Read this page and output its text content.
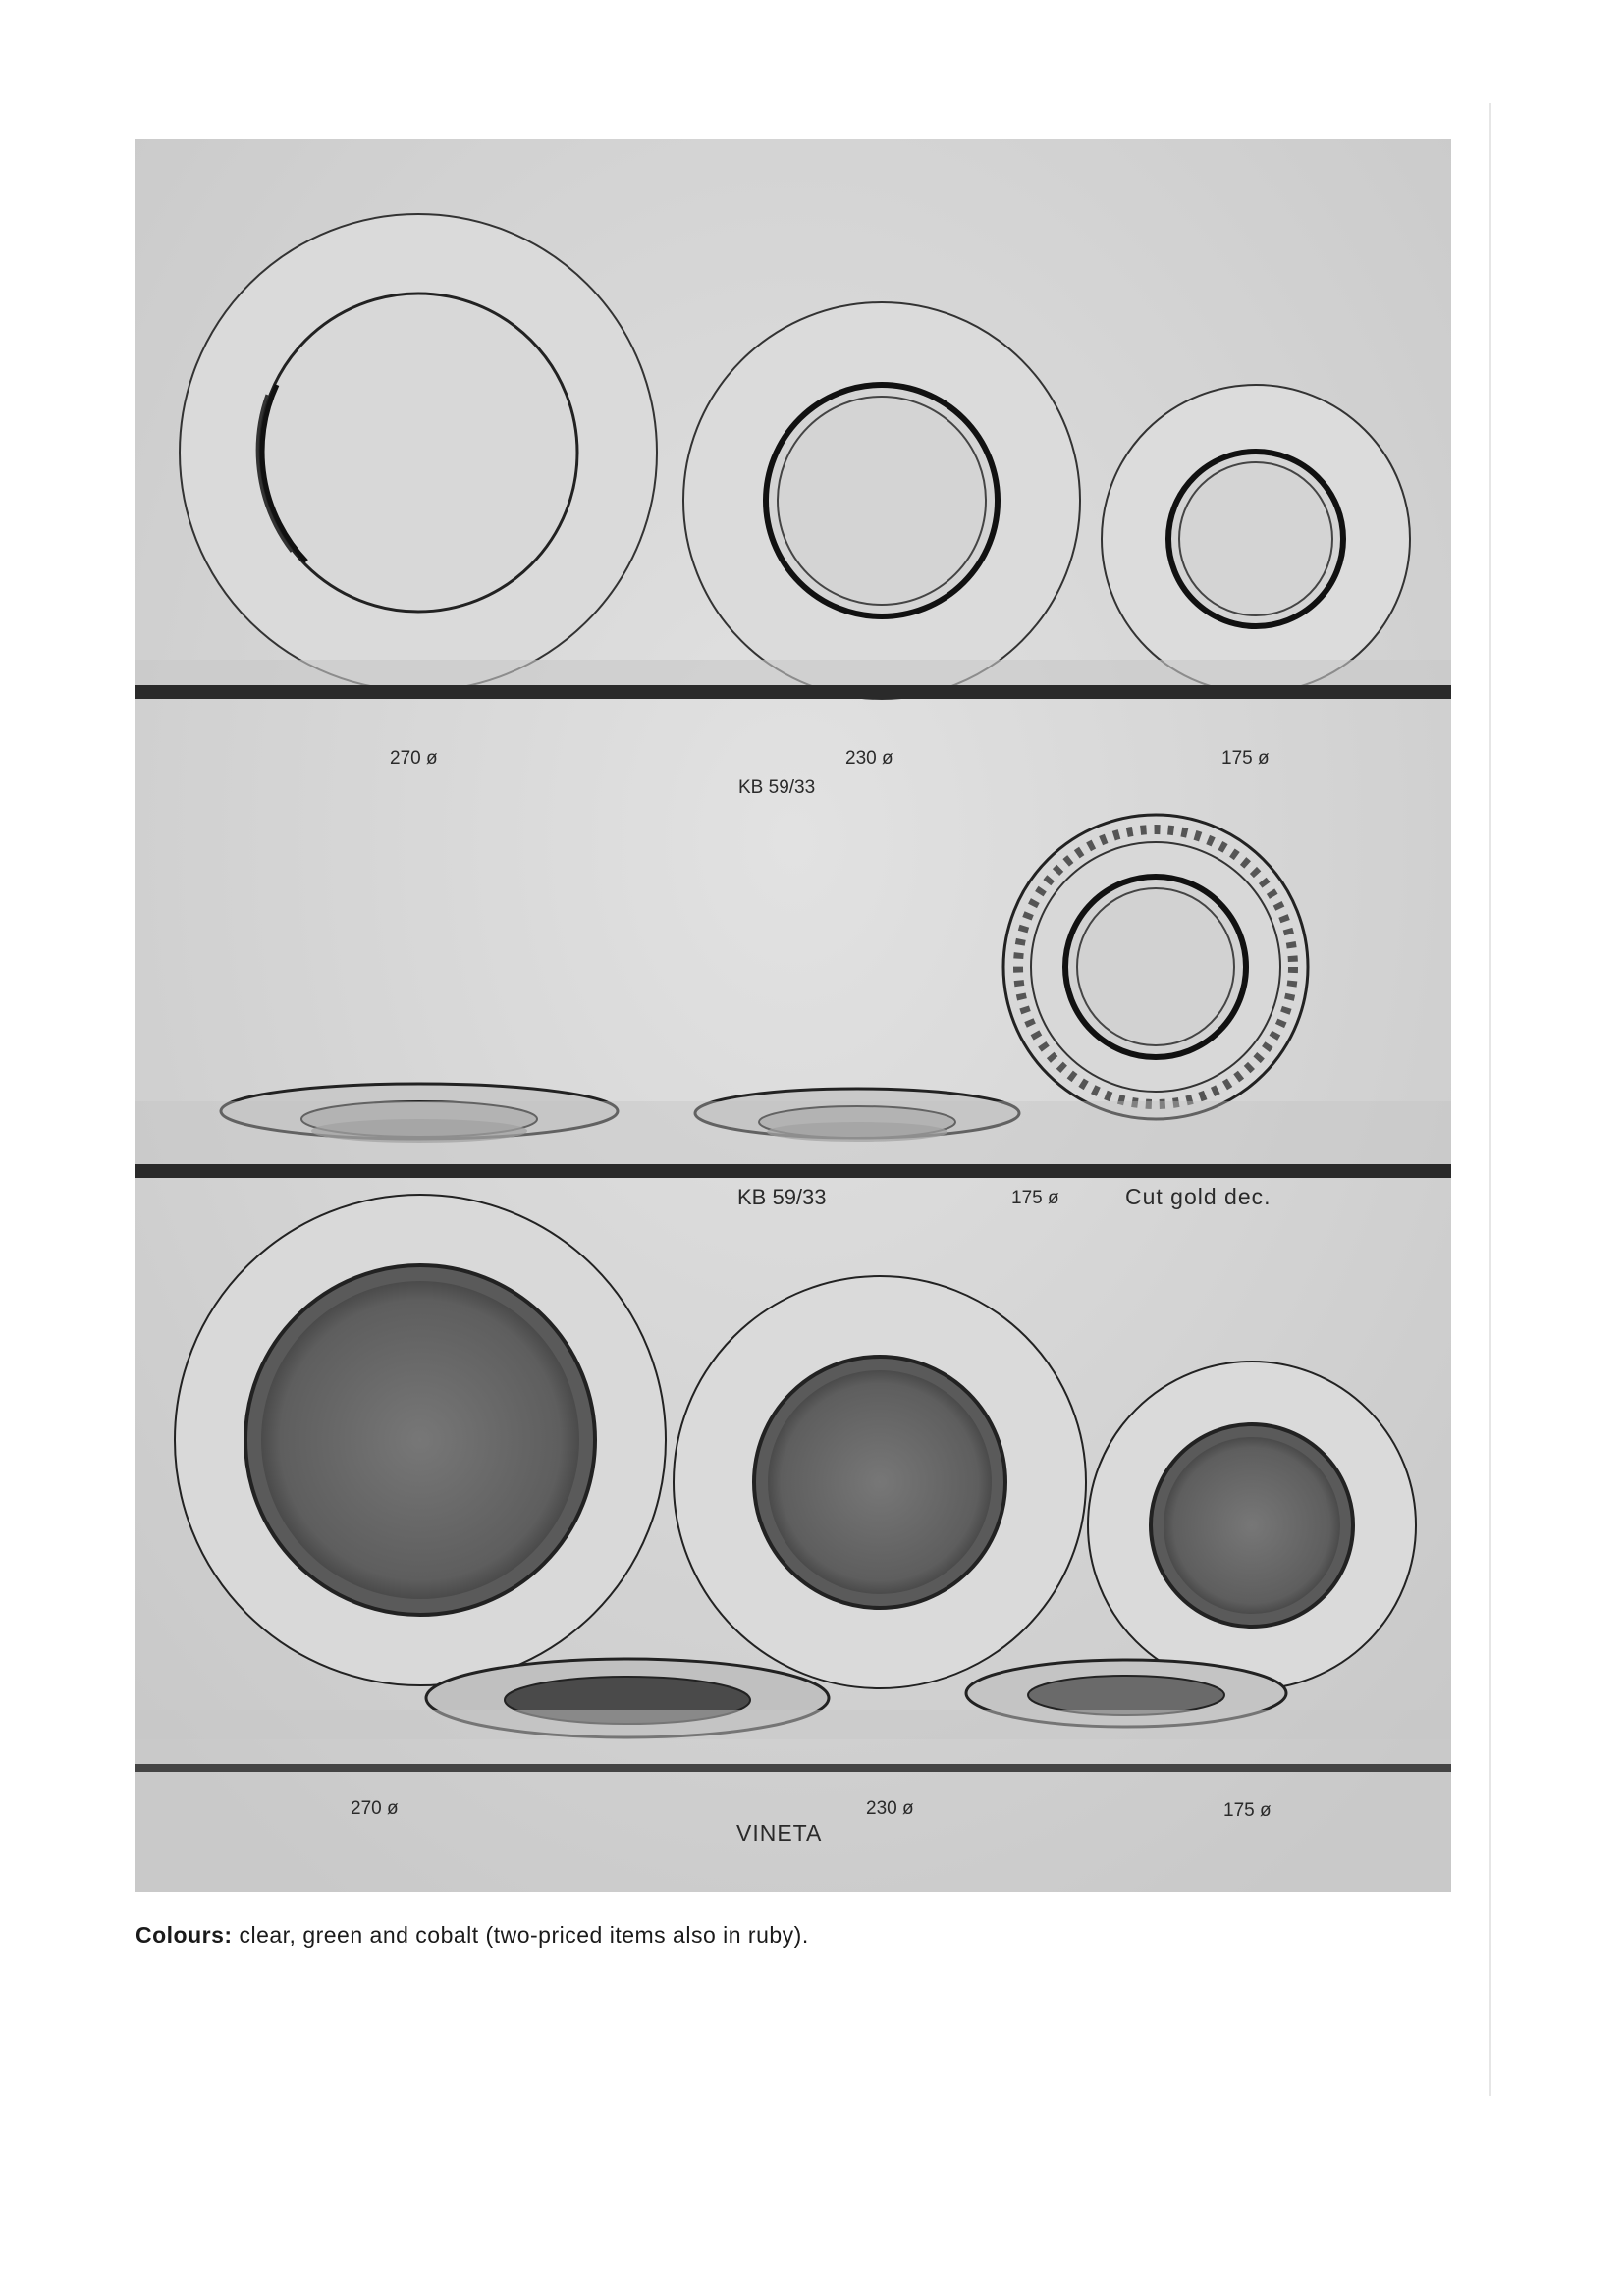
270 ø	230 ø	175 ø
KB 59/33
KB 59/33	175 ø	Cut gold dec.
270 ø	230 ø	175 ø
VINETA
Colours: clear, green and cobalt (two-priced items also in ruby).
